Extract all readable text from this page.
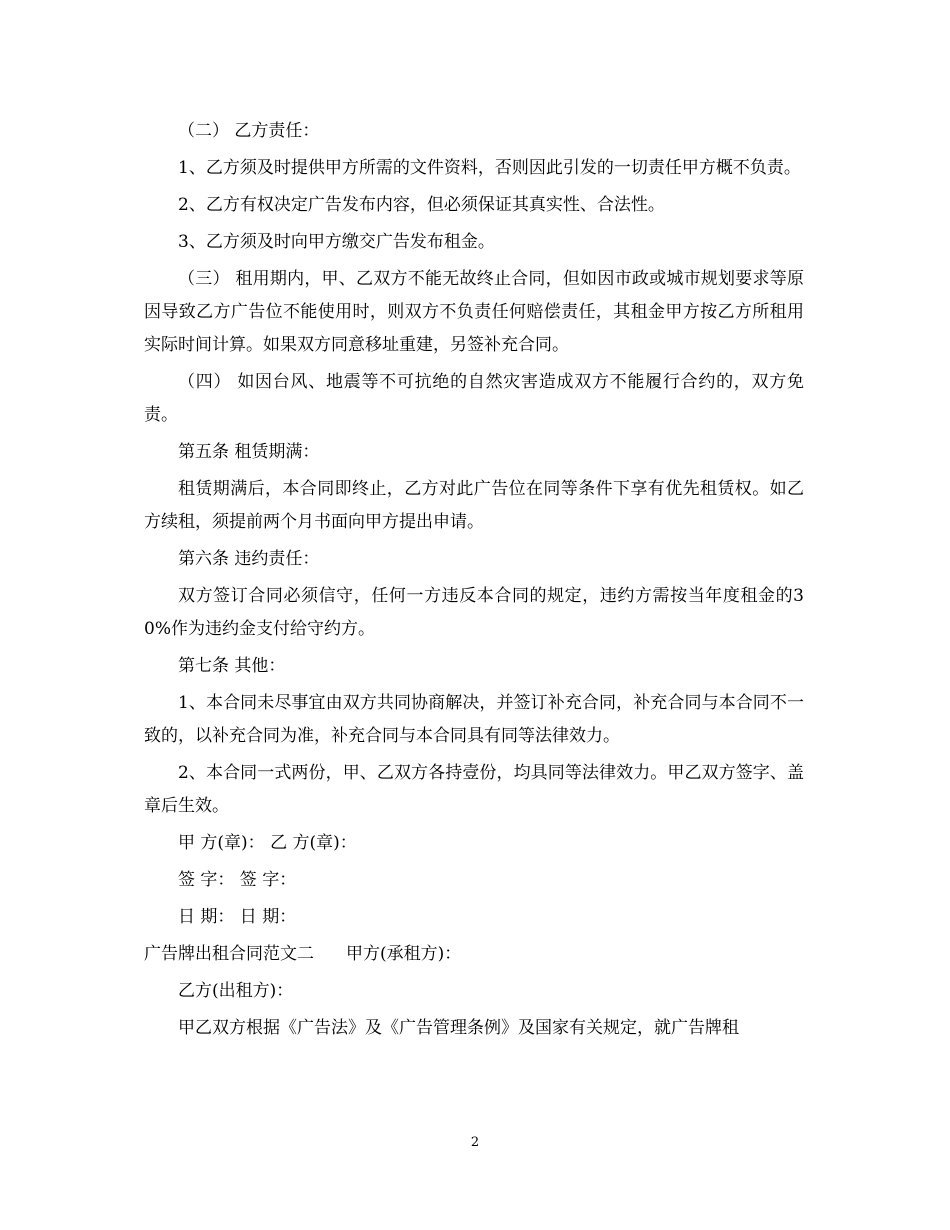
（二） 乙方责任：

1、乙方须及时提供甲方所需的文件资料，否则因此引发的一切责任甲方概不负责。

2、乙方有权决定广告发布内容，但必须保证其真实性、合法性。

3、乙方须及时向甲方缴交广告发布租金。

（三） 租用期内，甲、乙双方不能无故终止合同，但如因市政或城市规划要求等原因导致乙方广告位不能使用时，则双方不负责任何赔偿责任，其租金甲方按乙方所租用实际时间计算。如果双方同意移址重建，另签补充合同。

（四） 如因台风、地震等不可抗绝的自然灾害造成双方不能履行合约的，双方免责。

第五条 租赁期满：

租赁期满后，本合同即终止，乙方对此广告位在同等条件下享有优先租赁权。如乙方续租，须提前两个月书面向甲方提出申请。

第六条 违约责任：

双方签订合同必须信守，任何一方违反本合同的规定，违约方需按当年度租金的30%作为违约金支付给守约方。

第七条 其他：

1、本合同未尽事宜由双方共同协商解决，并签订补充合同，补充合同与本合同不一致的，以补充合同为准，补充合同与本合同具有同等法律效力。

2、本合同一式两份，甲、乙双方各持壹份，均具同等法律效力。甲乙双方签字、盖章后生效。

甲 方(章)： 乙 方(章)：

签 字： 签 字：

日 期： 日 期：

广告牌出租合同范文二 甲方(承租方)：

乙方(出租方)：

甲乙双方根据《广告法》及《广告管理条例》及国家有关规定，就广告牌租

2
